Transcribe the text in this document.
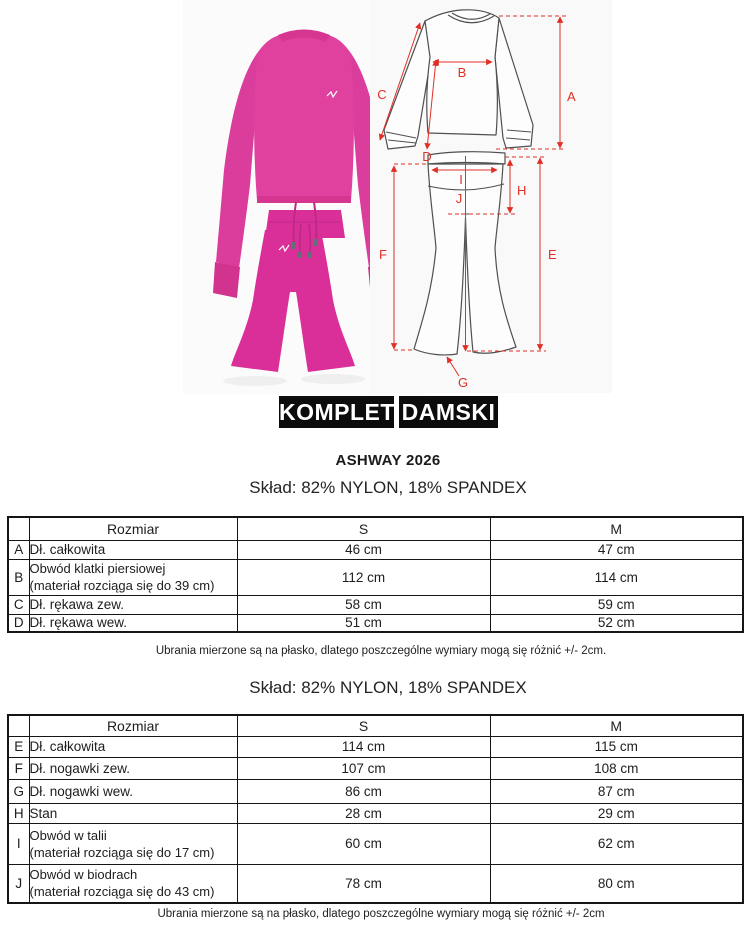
A
B
C
D
E
F
G
H
I
J
KOMPLET DAMSKI
ASHWAY 2026
Skład: 82% NYLON, 18% SPANDEX
	Rozmiar	S	M
A	Dł. całkowita	46 cm	47 cm
B	Obwód klatki piersiowej
(materiał rozciąga się do 39 cm)	112 cm	114 cm
C	Dł. rękawa zew.	58 cm	59 cm
D	Dł. rękawa wew.	51 cm	52 cm
Ubrania mierzone są na płasko, dlatego poszczególne wymiary mogą się różnić +/- 2cm.
Skład: 82% NYLON, 18% SPANDEX
	Rozmiar	S	M
E	Dł. całkowita	114 cm	115 cm
F	Dł. nogawki zew.	107 cm	108 cm
G	Dł. nogawki wew.	86 cm	87 cm
H	Stan	28 cm	29 cm
I	Obwód w talii
(materiał rozciąga się do 17 cm)	60 cm	62 cm
J	Obwód w biodrach
(materiał rozciąga się do 43 cm)	78 cm	80 cm
Ubrania mierzone są na płasko, dlatego poszczególne wymiary mogą się różnić +/- 2cm
